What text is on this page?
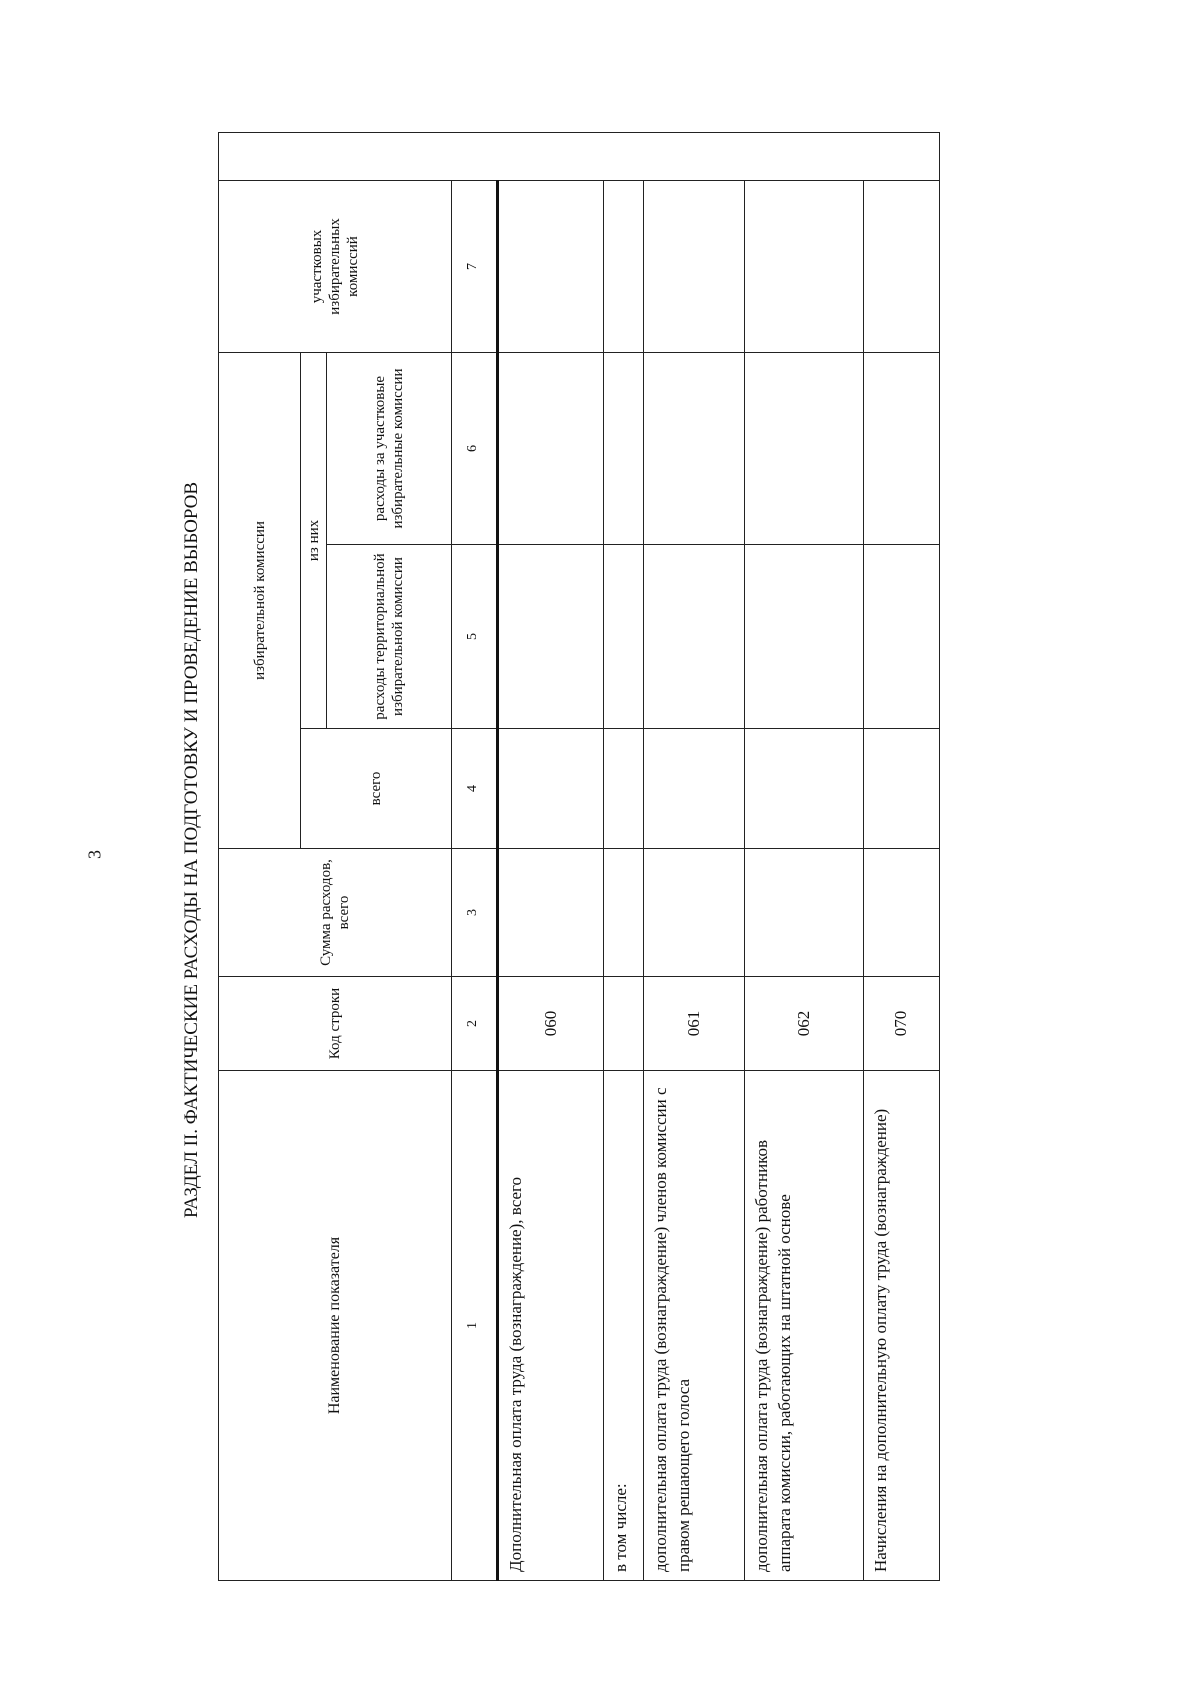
3	РАЗДЕЛ II. ФАКТИЧЕСКИЕ РАСХОДЫ НА ПОДГОТОВКУ И ПРОВЕДЕНИЕ ВЫБОРОВ
Наименование показателя	Код строки	Сумма расходов, всего	избирательной комиссии			участковых избирательных комиссий	
			всего	из них			
				расходы территориальной избирательной комиссии	расходы за участковые избирательные комиссии		
1	2	3	4	5	6	7	
Дополнительная оплата труда (вознаграждение), всего	060						
в том числе:							
дополнительная оплата труда (вознаграждение) членов комиссии с правом решающего голоса	061						
дополнительная оплата труда (вознаграждение) работников аппарата комиссии, работающих на штатной основе	062						
Начисления на дополнительную оплату труда (вознаграждение)	070						
